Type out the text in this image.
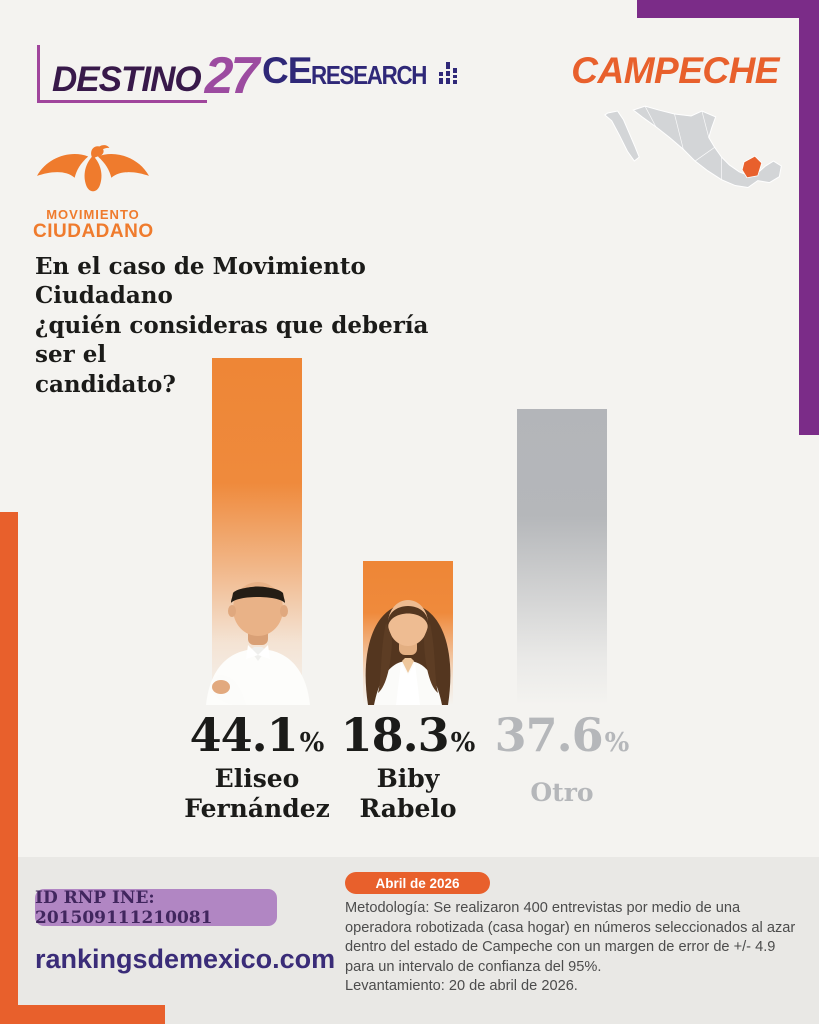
DESTINO 27 CE RESEARCH	CAMPECHE
MOVIMIENTO
CIUDADANO
En el caso de Movimiento Ciudadano
¿quién consideras que debería ser el
candidato?
44.1 % 18.3 % 37.6 %
Eliseo
Fernández
Biby
Rabelo
Otro
ID RNP INE: 201509111210081
rankingsdemexico.com
Abril de 2026
Metodología: Se realizaron 400 entrevistas por medio de una operadora robotizada (casa hogar) en números seleccionados al azar dentro del estado de Campeche con un margen de error de +/- 4.9 para un intervalo de confianza del 95%.
Levantamiento: 20 de abril de 2026.
